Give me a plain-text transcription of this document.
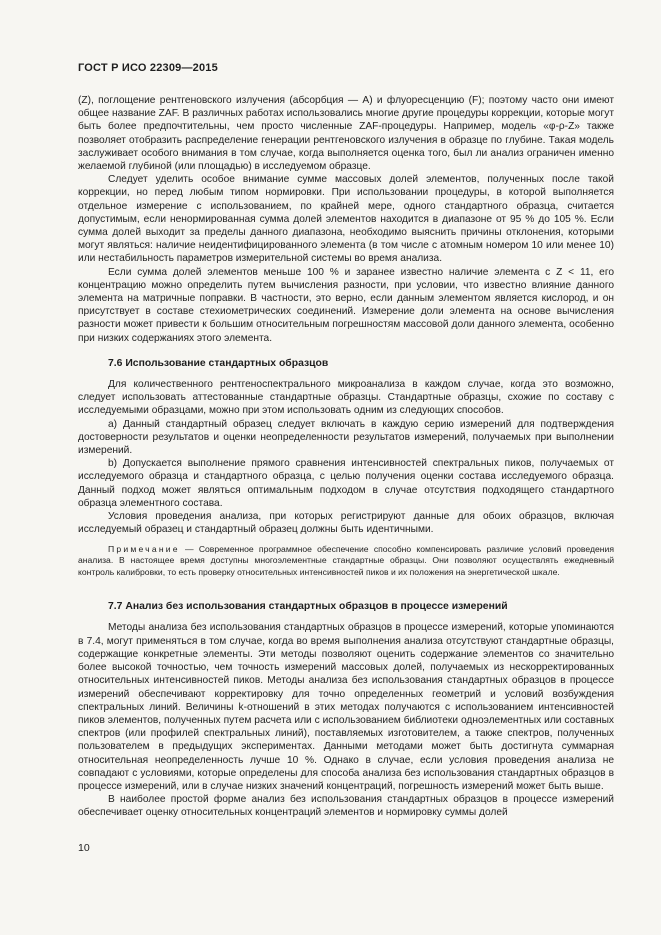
ГОСТ Р ИСО 22309—2015

(Z), поглощение рентгеновского излучения (абсорбция — А) и флуоресценцию (F); поэтому часто они имеют общее название ZAF. В различных работах использовались многие другие процедуры коррекции, которые могут быть более предпочтительны, чем просто численные ZAF-процедуры. Например, модель «φ-ρ-Z» также позволяет отобразить распределение генерации рентгеновского излучения в образце по глубине. Такая модель заслуживает особого внимания в том случае, когда выполняется оценка того, был ли анализ ограничен именно желаемой глубиной (или площадью) в исследуемом образце.

Следует уделить особое внимание сумме массовых долей элементов, полученных после такой коррекции, но перед любым типом нормировки. При использовании процедуры, в которой выполняется отдельное измерение с использованием, по крайней мере, одного стандартного образца, считается допустимым, если ненормированная сумма долей элементов находится в диапазоне от 95 % до 105 %. Если сумма долей выходит за пределы данного диапазона, необходимо выяснить причины отклонения, которыми могут являться: наличие неидентифицированного элемента (в том числе с атомным номером 10 или менее 10) или нестабильность параметров измерительной системы во время анализа.

Если сумма долей элементов меньше 100 % и заранее известно наличие элемента с Z < 11, его концентрацию можно определить путем вычисления разности, при условии, что известно влияние данного элемента на матричные поправки. В частности, это верно, если данным элементом является кислород, и он присутствует в составе стехиометрических соединений. Измерение доли элемента на основе вычисления разности может привести к большим относительным погрешностям массовой доли данного элемента, особенно при низких содержаниях этого элемента.

7.6 Использование стандартных образцов

Для количественного рентгеноспектрального микроанализа в каждом случае, когда это возможно, следует использовать аттестованные стандартные образцы. Стандартные образцы, схожие по составу с исследуемыми образцами, можно при этом использовать одним из следующих способов.

а) Данный стандартный образец следует включать в каждую серию измерений для подтверждения достоверности результатов и оценки неопределенности результатов измерений, получаемых при выполнении измерений.

b) Допускается выполнение прямого сравнения интенсивностей спектральных пиков, получаемых от исследуемого образца и стандартного образца, с целью получения оценки состава исследуемого образца. Данный подход может являться оптимальным подходом в случае отсутствия подходящего стандартного образца элементного состава.

Условия проведения анализа, при которых регистрируют данные для обоих образцов, включая исследуемый образец и стандартный образец должны быть идентичными.

Примечание — Современное программное обеспечение способно компенсировать различие условий проведения анализа. В настоящее время доступны многоэлементные стандартные образцы. Они позволяют осуществлять ежедневный контроль калибровки, то есть проверку относительных интенсивностей пиков и их положения на энергетической шкале.

7.7 Анализ без использования стандартных образцов в процессе измерений

Методы анализа без использования стандартных образцов в процессе измерений, которые упоминаются в 7.4, могут применяться в том случае, когда во время выполнения анализа отсутствуют стандартные образцы, содержащие конкретные элементы. Эти методы позволяют оценить содержание элементов со значительно более высокой точностью, чем точность измерений массовых долей, получаемых из нескорректированных относительных интенсивностей пиков. Методы анализа без использования стандартных образцов в процессе измерений обеспечивают корректировку для точно определенных геометрий и условий возбуждения спектральных линий. Величины k-отношений в этих методах получаются с использованием интенсивностей пиков элементов, полученных путем расчета или с использованием библиотеки одноэлементных или составных спектров (или профилей спектральных линий), поставляемых изготовителем, а также спектров, полученных пользователем в предыдущих экспериментах. Данными методами может быть достигнута суммарная относительная неопределенность лучше 10 %. Однако в случае, если условия проведения анализа не совпадают с условиями, которые определены для способа анализа без использования стандартных образцов в процессе измерений, или в случае низких значений концентраций, погрешность измерений может быть выше.

В наиболее простой форме анализ без использования стандартных образцов в процессе измерений обеспечивает оценку относительных концентраций элементов и нормировку суммы долей

10
